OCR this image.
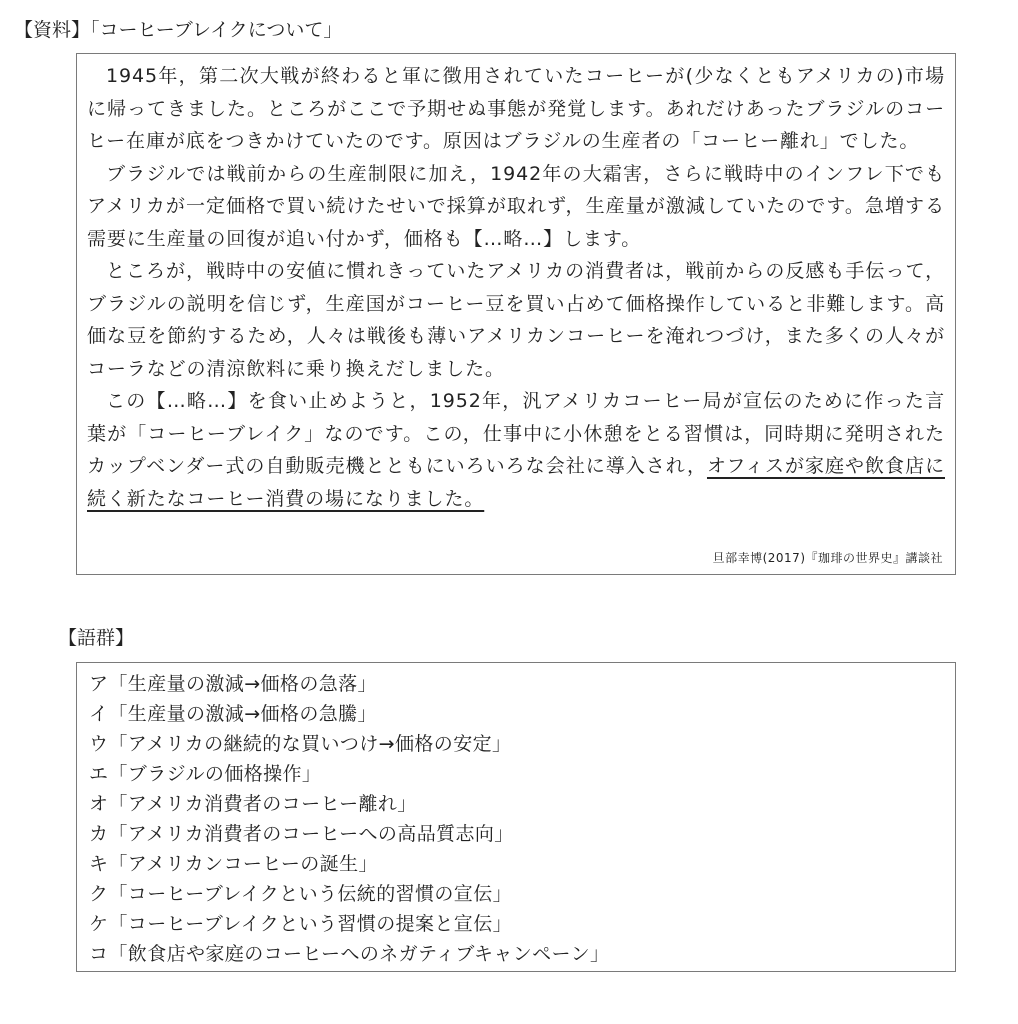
【資料】「コーヒーブレイクについて」

1945年，第二次大戦が終わると軍に徴用されていたコーヒーが(少なくともアメリカの)市場に帰ってきました。ところがここで予期せぬ事態が発覚します。あれだけあったブラジルのコーヒー在庫が底をつきかけていたのです。原因はブラジルの生産者の「コーヒー離れ」でした。

ブラジルでは戦前からの生産制限に加え，1942年の大霜害，さらに戦時中のインフレ下でもアメリカが一定価格で買い続けたせいで採算が取れず，生産量が激減していたのです。急増する需要に生産量の回復が追い付かず，価格も【…略…】します。

ところが，戦時中の安値に慣れきっていたアメリカの消費者は，戦前からの反感も手伝って，ブラジルの説明を信じず，生産国がコーヒー豆を買い占めて価格操作していると非難します。高価な豆を節約するため，人々は戦後も薄いアメリカンコーヒーを淹れつづけ，また多くの人々がコーラなどの清涼飲料に乗り換えだしました。

この【…略…】を食い止めようと，1952年，汎アメリカコーヒー局が宣伝のために作った言葉が「コーヒーブレイク」なのです。この，仕事中に小休憩をとる習慣は，同時期に発明されたカップベンダー式の自動販売機とともにいろいろな会社に導入され，オフィスが家庭や飲食店に続く新たなコーヒー消費の場になりました。

旦部幸博(2017)『珈琲の世界史』講談社
【語群】
ア「生産量の激減→価格の急落」
イ「生産量の激減→価格の急騰」
ウ「アメリカの継続的な買いつけ→価格の安定」
エ「ブラジルの価格操作」
オ「アメリカ消費者のコーヒー離れ」
カ「アメリカ消費者のコーヒーへの高品質志向」
キ「アメリカンコーヒーの誕生」
ク「コーヒーブレイクという伝統的習慣の宣伝」
ケ「コーヒーブレイクという習慣の提案と宣伝」
コ「飲食店や家庭のコーヒーへのネガティブキャンペーン」
